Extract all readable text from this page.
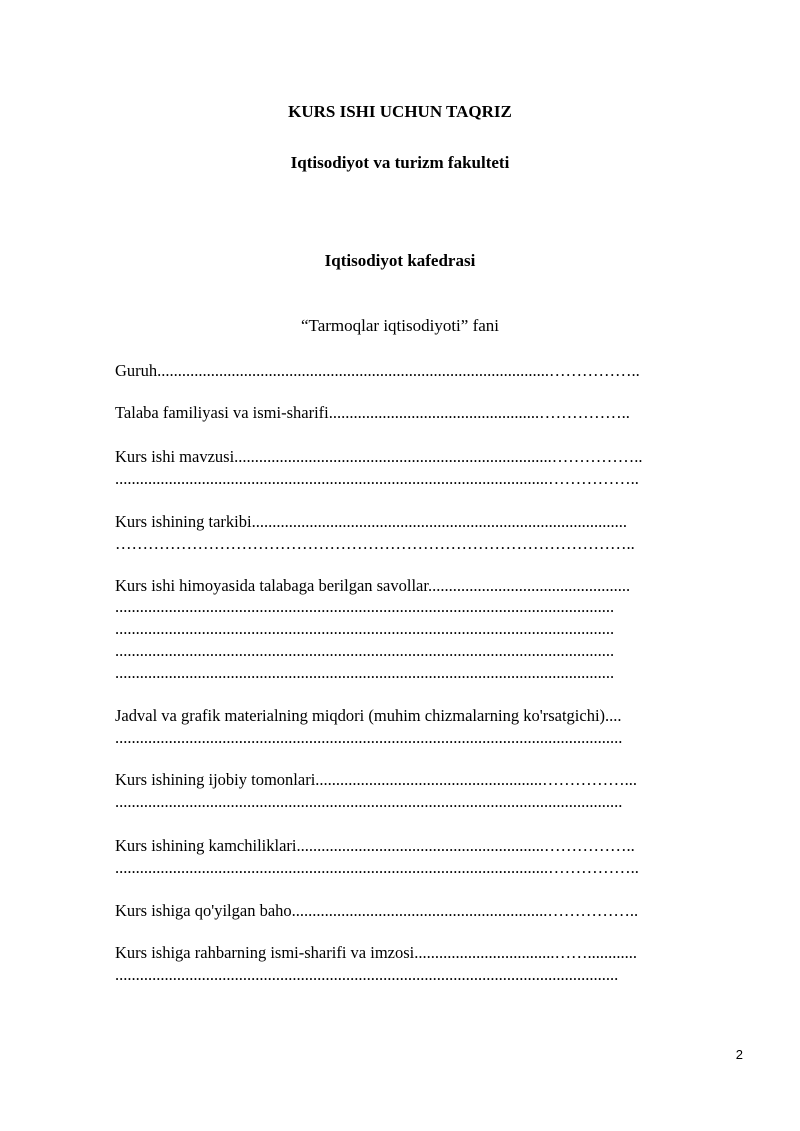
KURS ISHI UCHUN TAQRIZ
Iqtisodiyot va turizm fakulteti
Iqtisodiyot kafedrasi
“Tarmoqlar iqtisodiyoti” fani
Guruh...............................................................................................……………..
Talaba familiyasi va ismi-sharifi...................................................……………..
Kurs ishi mavzusi.............................................................................……………..
.........................................................................................................……………..
Kurs ishining tarkibi...........................................................................................
…………………………………………………………………………………..
Kurs ishi himoyasida talabaga berilgan savollar.................................................
.........................................................................................................................
.........................................................................................................................
.........................................................................................................................
.........................................................................................................................
Jadval va grafik materialning miqdori (muhim chizmalarning ko'rsatgichi)....
...........................................................................................................................
Kurs ishining ijobiy tomonlari.......................................................……………...
...........................................................................................................................
Kurs ishining kamchiliklari............................................................……………..
.........................................................................................................……………..
Kurs ishiga qo'yilgan baho..............................................................……………..
Kurs ishiga rahbarning ismi-sharifi va imzosi..................................……............
..........................................................................................................................
2
